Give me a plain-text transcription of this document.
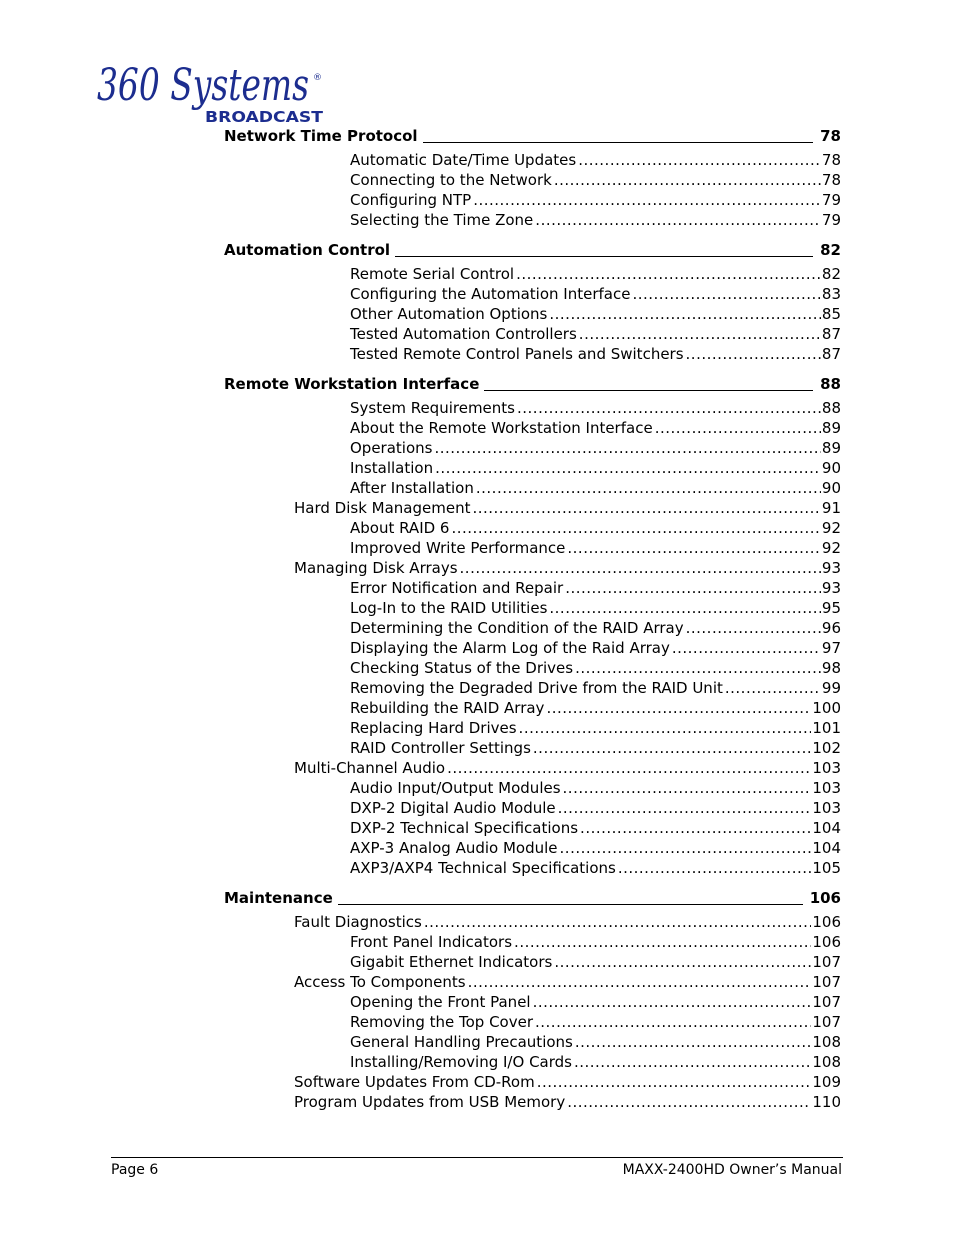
360 Systems ®
BROADCAST
Network Time Protocol	78
Automatic Date/Time Updates .....	78
Connecting to the Network .....	78
Configuring NTP .....	79
Selecting the Time Zone .....	79
Automation Control	82
Remote Serial Control .....	82
Configuring the Automation Interface .....	83
Other Automation Options .....	85
Tested Automation Controllers .....	87
Tested Remote Control Panels and Switchers .....	87
Remote Workstation Interface	88
System Requirements .....	88
About the Remote Workstation Interface .....	89
Operations .....	89
Installation .....	90
After Installation .....	90
Hard Disk Management .....	91
About RAID 6 .....	92
Improved Write Performance .....	92
Managing Disk Arrays .....	93
Error Notification and Repair .....	93
Log-In to the RAID Utilities .....	95
Determining the Condition of the RAID Array .....	96
Displaying the Alarm Log of the Raid Array .....	97
Checking Status of the Drives .....	98
Removing the Degraded Drive from the RAID Unit .....	99
Rebuilding the RAID Array .....	100
Replacing Hard Drives .....	101
RAID Controller Settings .....	102
Multi-Channel Audio .....	103
Audio Input/Output Modules .....	103
DXP-2 Digital Audio Module .....	103
DXP-2 Technical Specifications .....	104
AXP-3 Analog Audio Module .....	104
AXP3/AXP4 Technical Specifications .....	105
Maintenance	106
Fault Diagnostics .....	106
Front Panel Indicators .....	106
Gigabit Ethernet Indicators .....	107
Access To Components .....	107
Opening the Front Panel .....	107
Removing the Top Cover .....	107
General Handling Precautions .....	108
Installing/Removing I/O Cards .....	108
Software Updates From CD-Rom .....	109
Program Updates from USB Memory .....	110
Page 6	MAXX-2400HD Owner’s Manual
